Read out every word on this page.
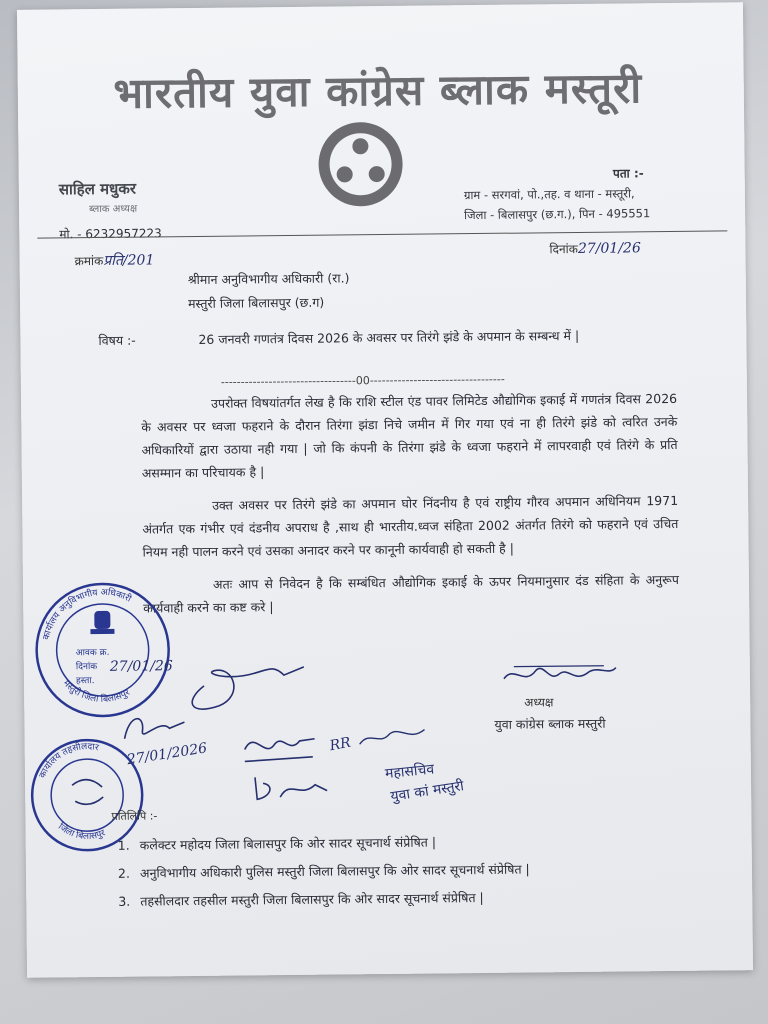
भारतीय युवा कांग्रेस ब्लाक मस्तूरी
साहिल मधुकर
ब्लाक अध्यक्ष
मो. - 6232957223
पता :-
ग्राम - सरगवां, पो.,तह. व थाना - मस्तूरी,
जिला - बिलासपुर (छ.ग.), पिन - 495551
क्रमांकप्रति/201
दिनांक27/01/26
श्रीमान अनुविभागीय अधिकारी (रा.)
मस्तुरी जिला बिलासपुर (छ.ग)
विषय :-	26 जनवरी गणतंत्र दिवस 2026 के अवसर पर तिरंगे झंडे के अपमान के सम्बन्ध में |
----------------------------------00----------------------------------

उपरोक्त विषयांतर्गत लेख है कि राशि स्टील एंड पावर लिमिटेड औद्योगिक इकाई में गणतंत्र दिवस 2026 के अवसर पर ध्वजा फहराने के दौरान तिरंगा झंडा निचे जमीन में गिर गया एवं ना ही तिरंगे झंडे को त्वरित उनके अधिकारियों द्वारा उठाया नही गया | जो कि कंपनी के तिरंगा झंडे के ध्वजा फहराने में लापरवाही एवं तिरंगे के प्रति असम्मान का परिचायक है |

उक्त अवसर पर तिरंगे झंडे का अपमान घोर निंदनीय है एवं राष्ट्रीय गौरव अपमान अधिनियम 1971 अंतर्गत एक गंभीर एवं दंडनीय अपराध है ,साथ ही भारतीय.ध्वज संहिता 2002 अंतर्गत तिरंगे को फहराने एवं उचित नियम नही पालन करने एवं उसका अनादर करने पर कानूनी कार्यवाही हो सकती है |

अतः आप से निवेदन है कि सम्बंधित औद्योगिक इकाई के ऊपर नियमानुसार दंड संहिता के अनुरूप कार्यवाही करने का कष्ट करे |

कार्यालय अनुविभागीय अधिकारी
मस्तुरी जिला बिलासपुर
आवक क्र.
दिनांक 27/01/26
हस्ता.
कार्यालय तहसीलदार
जिला बिलासपुर
अध्यक्ष
युवा कांग्रेस ब्लाक मस्तुरी
27/01/2026	RR
महासचिव
युवा कां मस्तुरी
प्रतिलिपि :-
1. कलेक्टर महोदय जिला बिलासपुर कि ओर सादर सूचनार्थ संप्रेषित |
2. अनुविभागीय अधिकारी पुलिस मस्तुरी जिला बिलासपुर कि ओर सादर सूचनार्थ संप्रेषित |
3. तहसीलदार तहसील मस्तुरी जिला बिलासपुर कि ओर सादर सूचनार्थ संप्रेषित |
